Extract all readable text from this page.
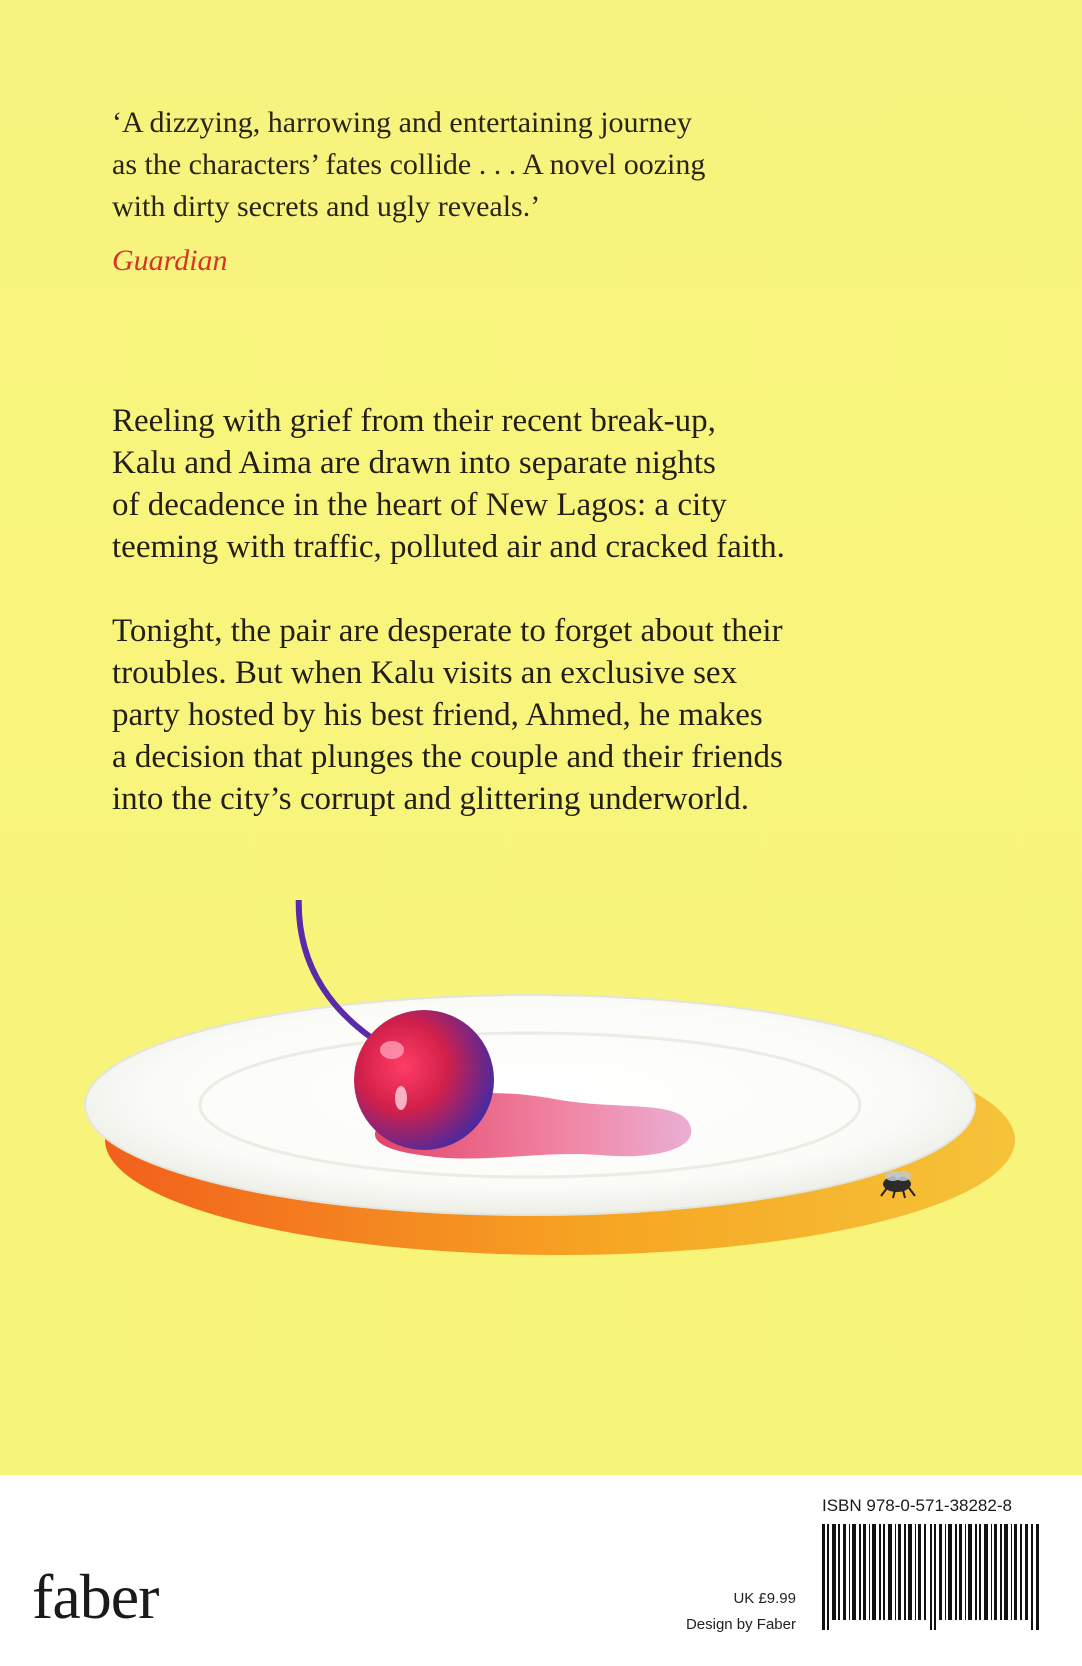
‘A dizzying, harrowing and entertaining journey
as the characters’ fates collide . . . A novel oozing
with dirty secrets and ugly reveals.’
Guardian
Reeling with grief from their recent break-up,
Kalu and Aima are drawn into separate nights
of decadence in the heart of New Lagos: a city
teeming with traffic, polluted air and cracked faith.
Tonight, the pair are desperate to forget about their
troubles. But when Kalu visits an exclusive sex
party hosted by his best friend, Ahmed, he makes
a decision that plunges the couple and their friends
into the city’s corrupt and glittering underworld.
faber	UK £9.99
Design by Faber
ISBN 978-0-571-38282-8
